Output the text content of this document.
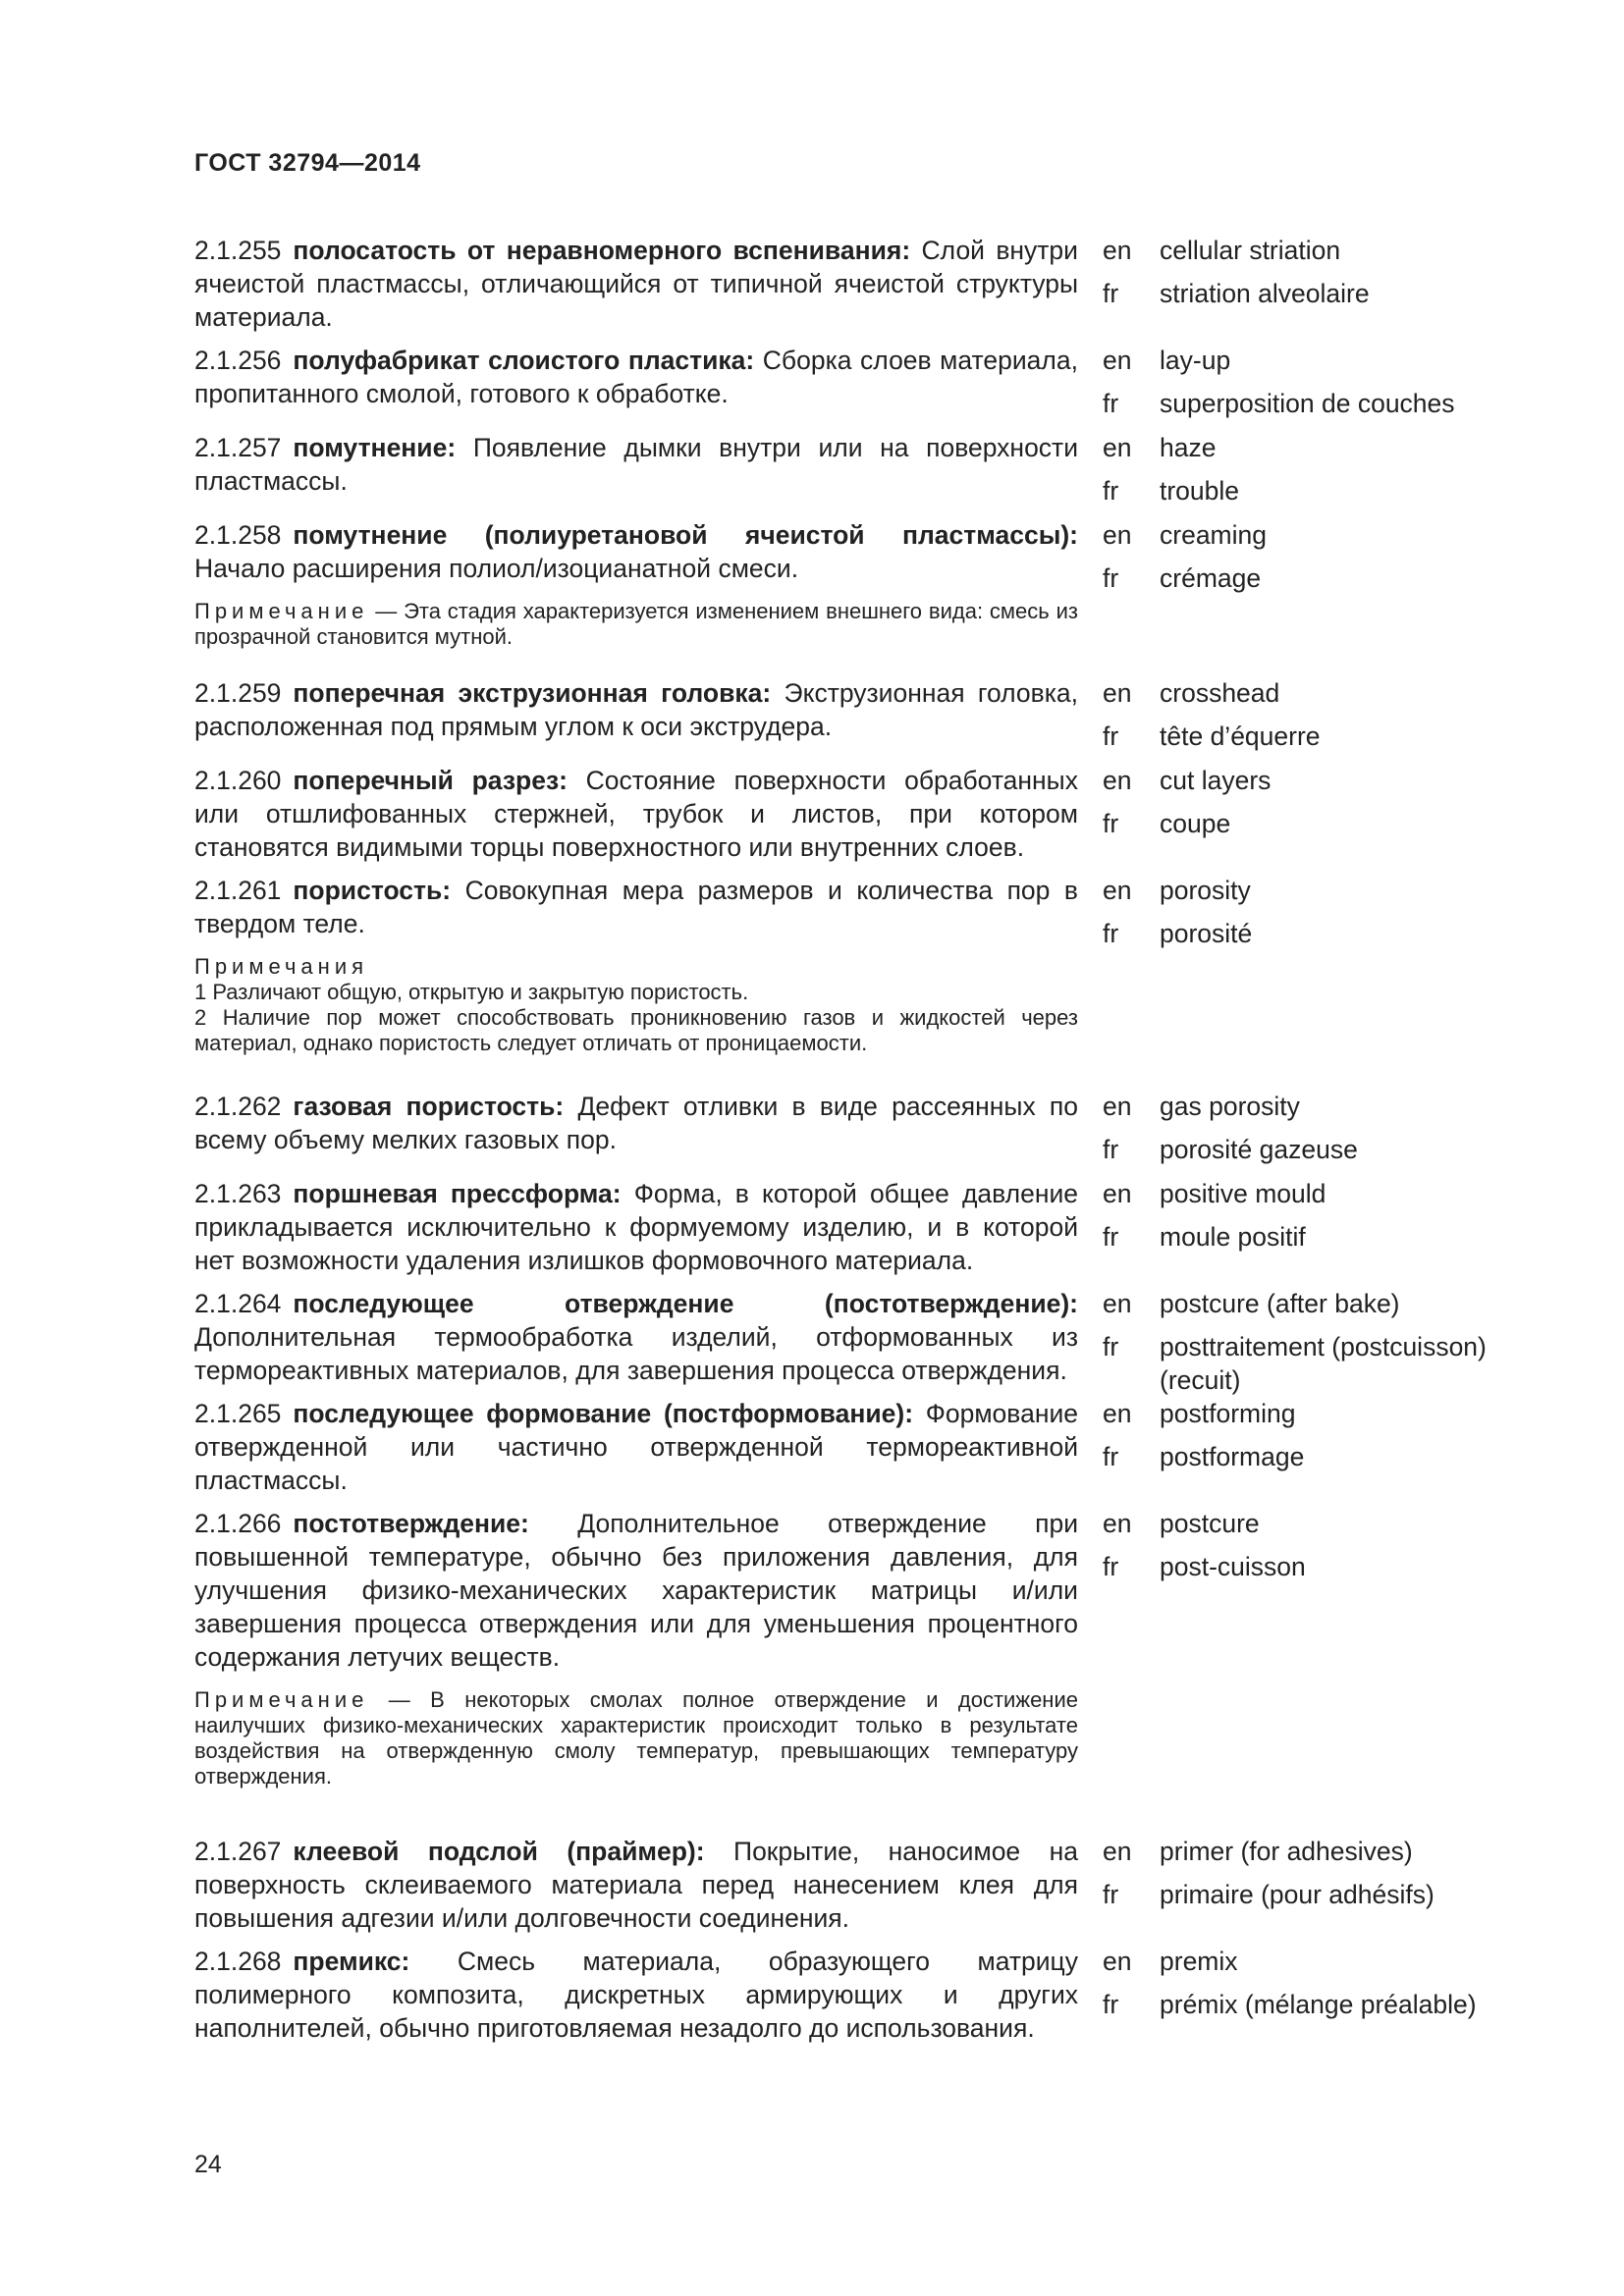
ГОСТ 32794—2014
2.1.255 полосатость от неравномерного вспенивания: Слой внутри ячеистой пластмассы, отличающийся от типичной ячеистой структуры материала.
en cellular striation
fr striation alveolaire
2.1.256 полуфабрикат слоистого пластика: Сборка слоев материала, пропитанного смолой, готового к обработке.
en lay-up
fr superposition de couches
2.1.257 помутнение: Появление дымки внутри или на поверхности пластмассы.
en haze
fr trouble
2.1.258 помутнение (полиуретановой ячеистой пластмассы): Начало расширения полиол/изоцианатной смеси.
Примечание — Эта стадия характеризуется изменением внешнего вида: смесь из прозрачной становится мутной.
en creaming
fr crémage
2.1.259 поперечная экструзионная головка: Экструзионная головка, расположенная под прямым углом к оси экструдера.
en crosshead
fr tête d’équerre
2.1.260 поперечный разрез: Состояние поверхности обработанных или отшлифованных стержней, трубок и листов, при котором становятся видимыми торцы поверхностного или внутренних слоев.
en cut layers
fr coupe
2.1.261 пористость: Совокупная мера размеров и количества пор в твердом теле.
Примечания
1 Различают общую, открытую и закрытую пористость.
2 Наличие пор может способствовать проникновению газов и жидкостей через материал, однако пористость следует отличать от проницаемости.
en porosity
fr porosité
2.1.262 газовая пористость: Дефект отливки в виде рассеянных по всему объему мелких газовых пор.
en gas porosity
fr porosité gazeuse
2.1.263 поршневая прессформа: Форма, в которой общее давление прикладывается исключительно к формуемому изделию, и в которой нет возможности удаления излишков формовочного материала.
en positive mould
fr moule positif
2.1.264 последующее отверждение (постотверждение): Дополнительная термообработка изделий, отформованных из термореактивных материалов, для завершения процесса отверждения.
en postcure (after bake)
fr posttraitement (postcuisson) (recuit)
2.1.265 последующее формование (постформование): Формование отвержденной или частично отвержденной термореактивной пластмассы.
en postforming
fr postformage
2.1.266 постотверждение: Дополнительное отверждение при повышенной температуре, обычно без приложения давления, для улучшения физико-механических характеристик матрицы и/или завершения процесса отверждения или для уменьшения процентного содержания летучих веществ.
Примечание — В некоторых смолах полное отверждение и достижение наилучших физико-механических характеристик происходит только в результате воздействия на отвержденную смолу температур, превышающих температуру отверждения.
en postcure
fr post-cuisson
2.1.267 клеевой подслой (праймер): Покрытие, наносимое на поверхность склеиваемого материала перед нанесением клея для повышения адгезии и/или долговечности соединения.
en primer (for adhesives)
fr primaire (pour adhésifs)
2.1.268 премикс: Смесь материала, образующего матрицу полимерного композита, дискретных армирующих и других наполнителей, обычно приготовляемая незадолго до использования.
en premix
fr prémix (mélange préalable)
24
